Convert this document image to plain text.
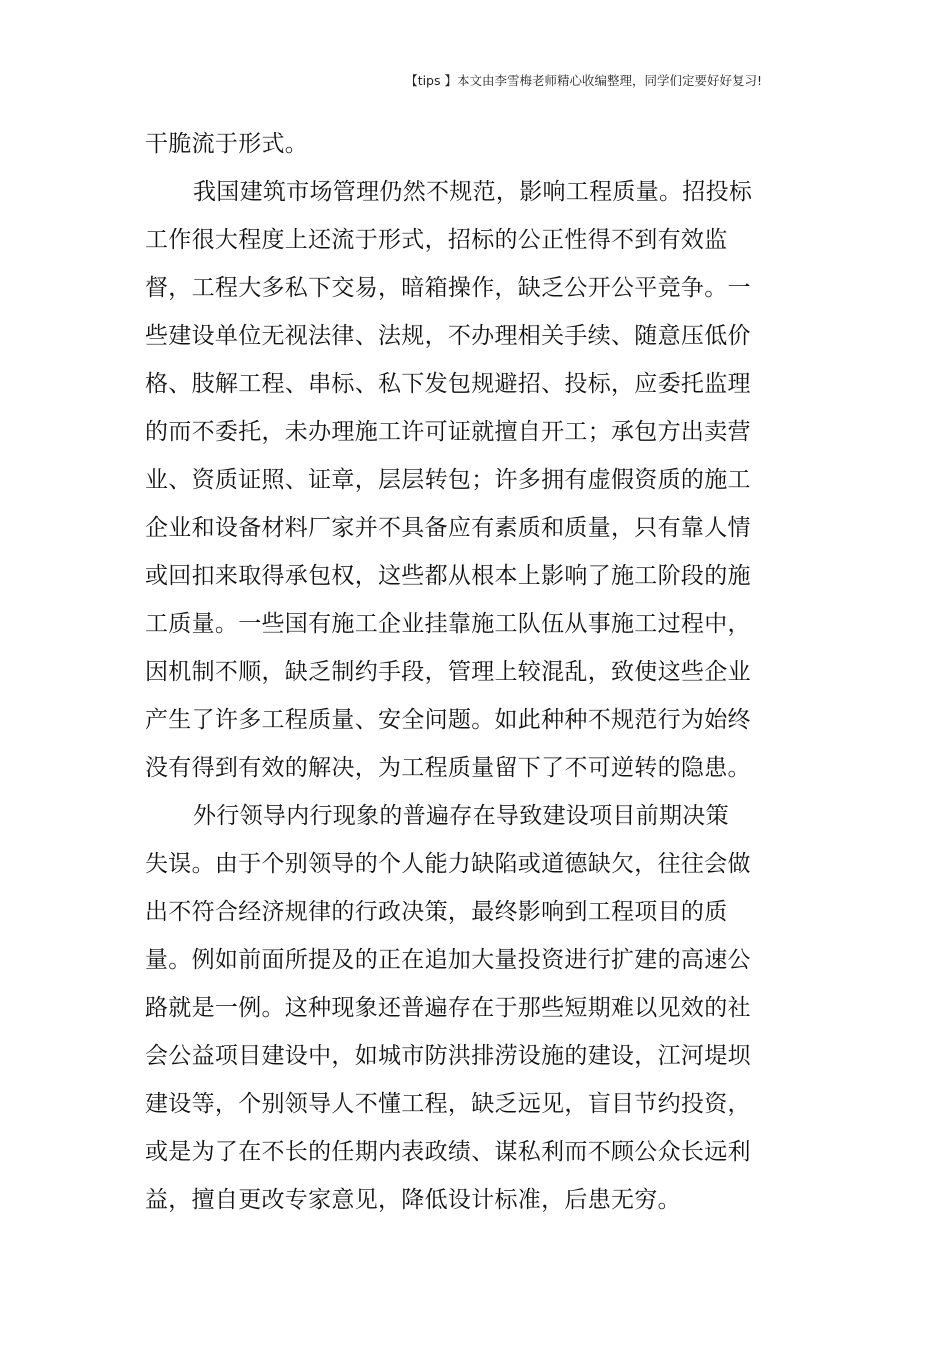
【tips 】本文由李雪梅老师精心收编整理，同学们定要好好复习!
干脆流于形式。
我国建筑市场管理仍然不规范，影响工程质量。招投标
工作很大程度上还流于形式，招标的公正性得不到有效监
督，工程大多私下交易，暗箱操作，缺乏公开公平竞争。一
些建设单位无视法律、法规，不办理相关手续、随意压低价
格、肢解工程、串标、私下发包规避招、投标，应委托监理
的而不委托，未办理施工许可证就擅自开工；承包方出卖营
业、资质证照、证章，层层转包；许多拥有虚假资质的施工
企业和设备材料厂家并不具备应有素质和质量，只有靠人情
或回扣来取得承包权，这些都从根本上影响了施工阶段的施
工质量。一些国有施工企业挂靠施工队伍从事施工过程中，
因机制不顺，缺乏制约手段，管理上较混乱，致使这些企业
产生了许多工程质量、安全问题。如此种种不规范行为始终
没有得到有效的解决，为工程质量留下了不可逆转的隐患。
外行领导内行现象的普遍存在导致建设项目前期决策
失误。由于个别领导的个人能力缺陷或道德缺欠，往往会做
出不符合经济规律的行政决策，最终影响到工程项目的质
量。例如前面所提及的正在追加大量投资进行扩建的高速公
路就是一例。这种现象还普遍存在于那些短期难以见效的社
会公益项目建设中，如城市防洪排涝设施的建设，江河堤坝
建设等，个别领导人不懂工程，缺乏远见，盲目节约投资，
或是为了在不长的任期内表政绩、谋私利而不顾公众长远利
益，擅自更改专家意见，降低设计标准，后患无穷。
